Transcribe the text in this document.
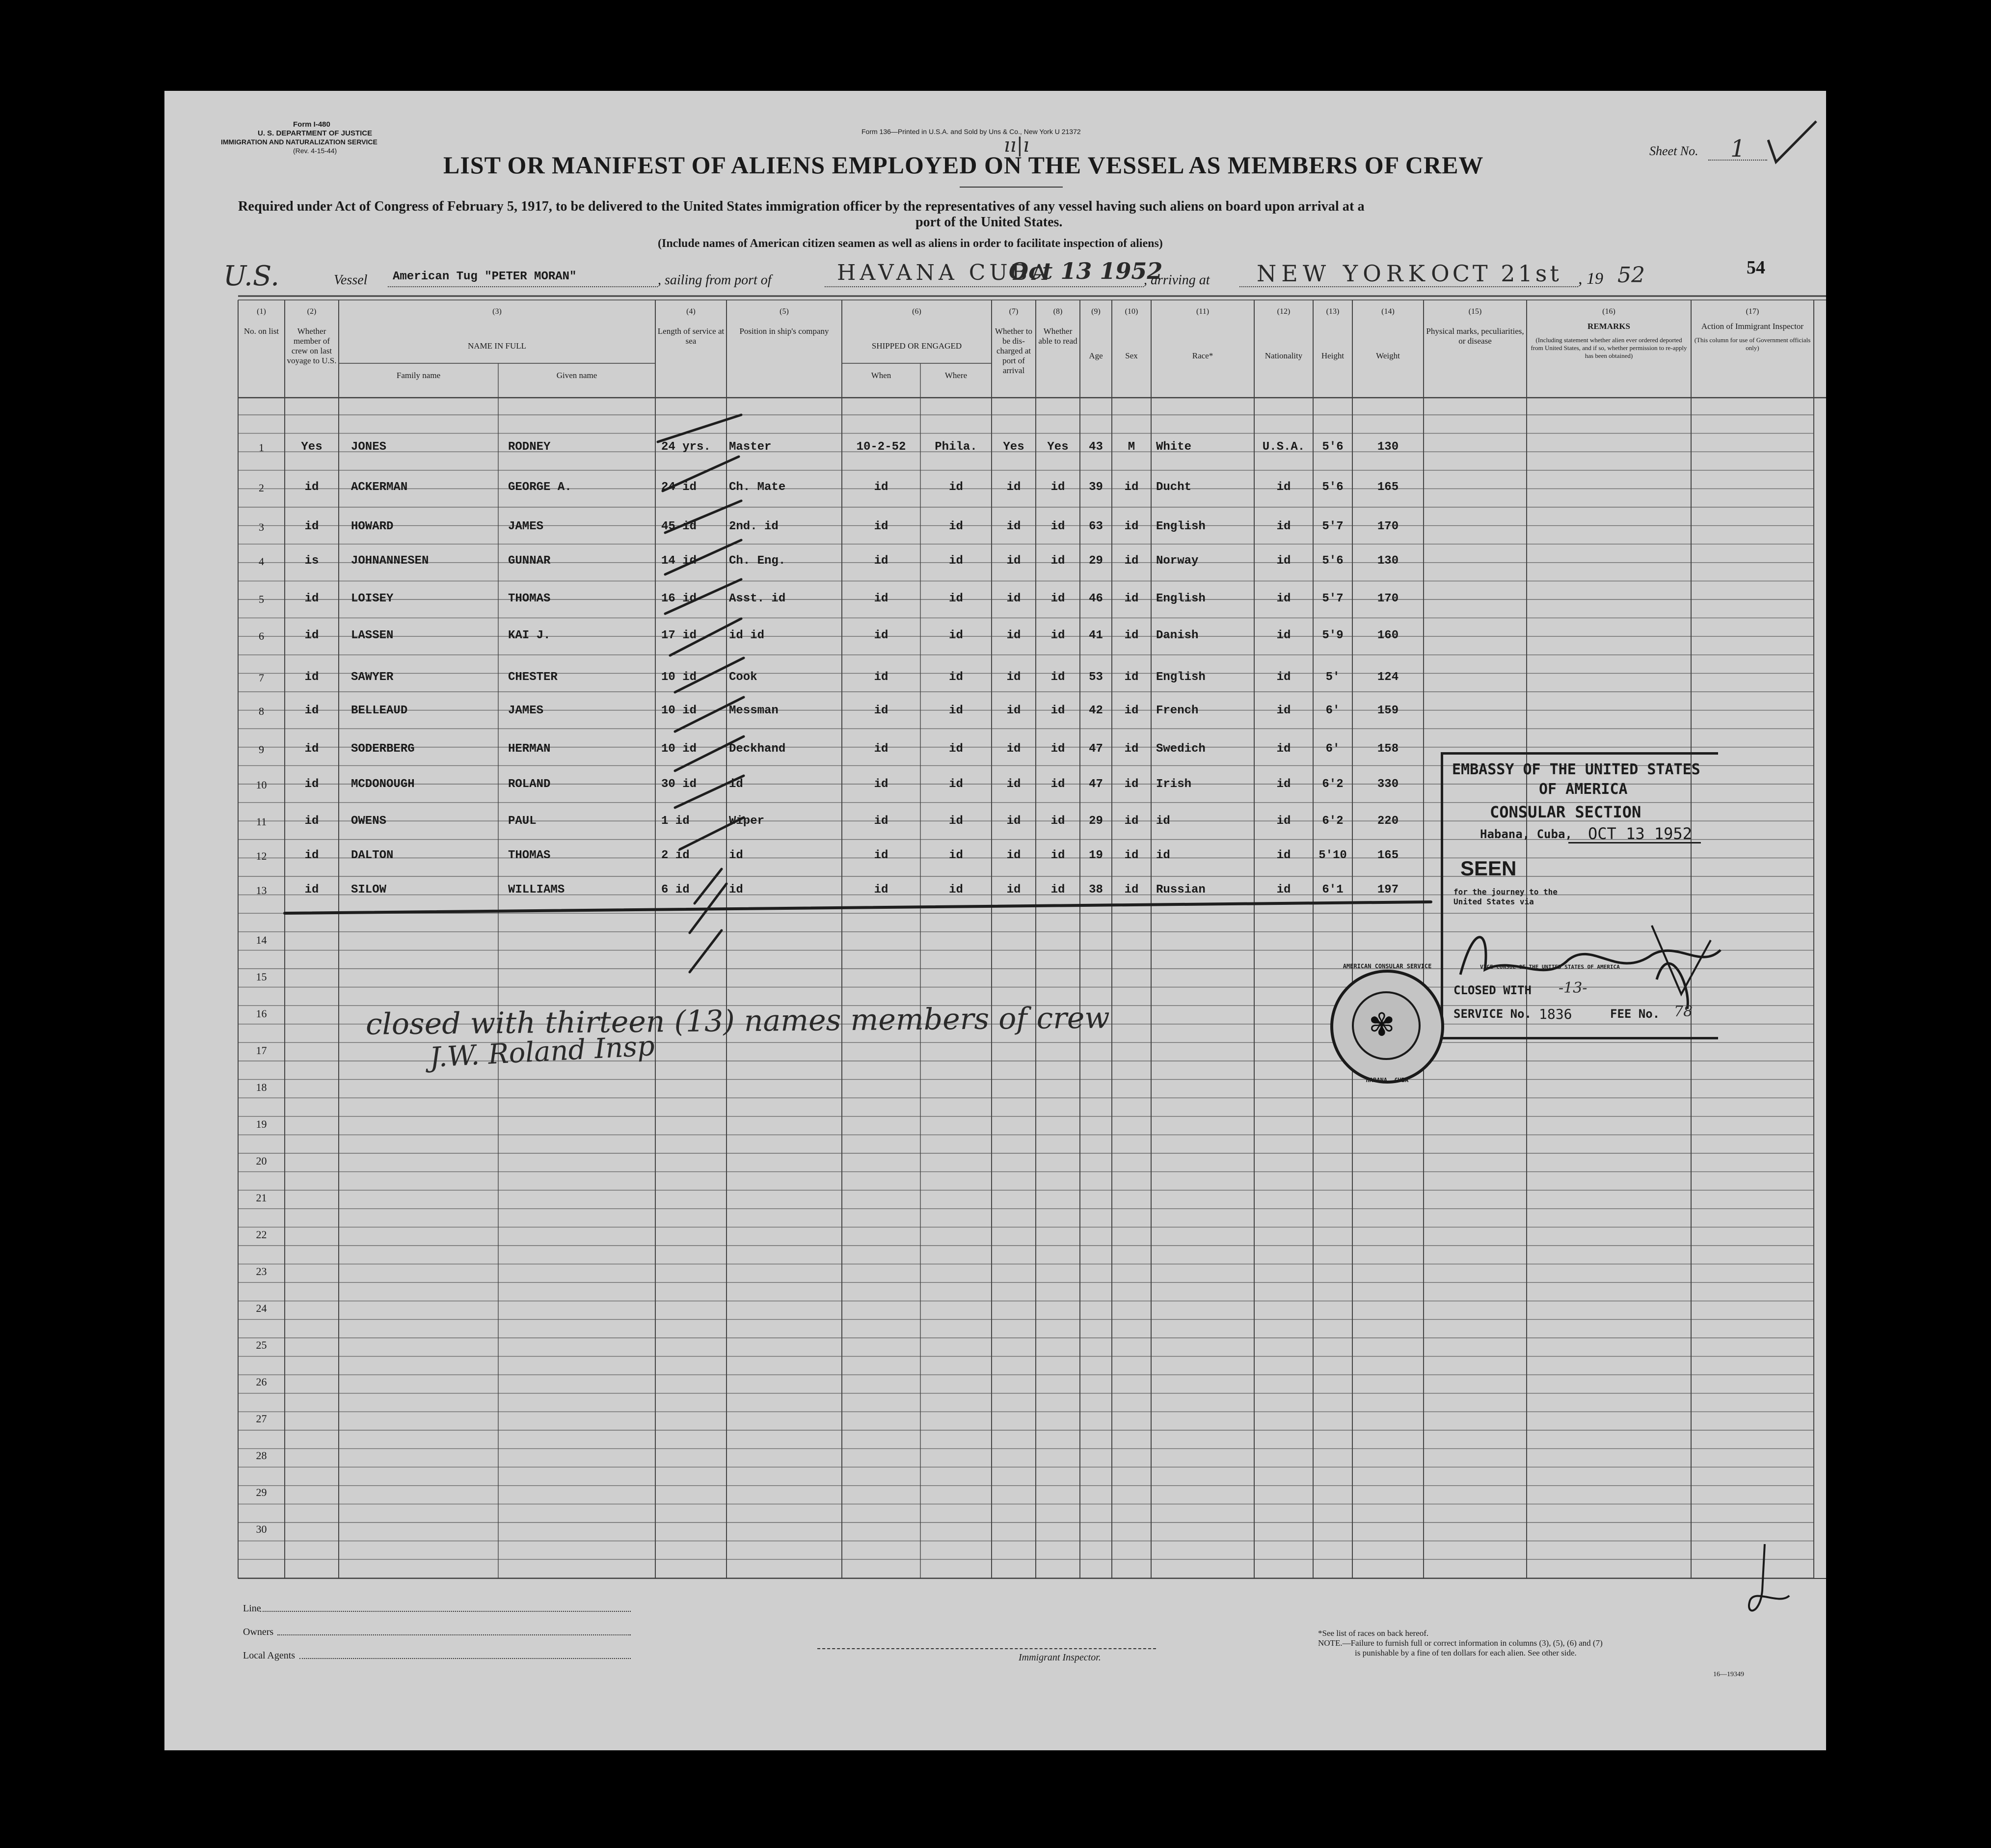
Form I-480
U. S. DEPARTMENT OF JUSTICE
IMMIGRATION AND NATURALIZATION SERVICE
(Rev. 4-15-44)
Form 136—Printed in U.S.A. and Sold by Uns & Co., New York U 21372
ıı|ı	Sheet No. 1
LIST OR MANIFEST OF ALIENS EMPLOYED ON THE VESSEL AS MEMBERS OF CREW
Required under Act of Congress of February 5, 1917, to be delivered to the United States immigration officer by the representatives of any vessel having such aliens on board upon arrival at a
port of the United States.
(Include names of American citizen seamen as well as aliens in order to facilitate inspection of aliens)
U.S.	Vessel American Tug "PETER MORAN"	, sailing from port of	HAVANA CUBA
Oct 13 1952
, arriving at NEW YORK OCT 21st , 19 52	54
(1)
No. on list
(2)
Whether member of crew on last voyage to U.S.
(3)
NAME IN FULL
Family name	Given name
(4)
Length of service at sea
(5)
Position in ship's company
(6)
SHIPPED OR ENGAGED
When	Where
(7)
Whether to be dis-charged at port of arrival
(8)
Whether able to read
(9)
Age
(10)
Sex
(11)
Race*
(12)
Nationality
(13)
Height
(14)
Weight
(15)
Physical marks, peculiarities, or disease
(16)
REMARKS
(Including statement whether alien ever ordered deported from United States, and if so, whether permission to re-apply has been obtained)
(17)
Action of Immigrant Inspector
(This column for use of Government officials only)
1	Yes	JONES	RODNEY	24 yrs. Master	10-2-52	Phila.	Yes	Yes	43	M	White	U.S.A.	5'6	130
2	id	ACKERMAN	GEORGE A.	24 id	Ch. Mate	id	id	id	id	39	id	Ducht	id	5'6	165
3	id	HOWARD	JAMES	45 id	2nd. id	id	id	id	id	63	id	English	id	5'7	170
4	is	JOHNANNESEN	GUNNAR	14 id	Ch. Eng.	id	id	id	id	29	id	Norway	id	5'6	130
5	id	LOISEY	THOMAS	16 id	Asst. id	id	id	id	id	46	id	English	id	5'7	170
6	id	LASSEN	KAI J.	17 id	id id	id	id	id	id	41	id	Danish	id	5'9	160
7	id	SAWYER	CHESTER	10 id	Cook	id	id	id	id	53	id	English	id	5'	124
8	id	BELLEAUD	JAMES	10 id	Messman	id	id	id	id	42	id	French	id	6'	159
9	id	SODERBERG	HERMAN	10 id	Deckhand	id	id	id	id	47	id	Swedich	id	6'	158
10	id	MCDONOUGH	ROLAND	30 id	id	id	id	id	id	47	id	Irish	id	6'2	330
11	id	OWENS	PAUL	1 id	Wiper	id	id	id	id	29	id	id	id	6'2	220
12	id	DALTON	THOMAS	2 id	id	id	id	id	id	19	id	id	id	5'10	165
13	id	SILOW	WILLIAMS	6 id	id	id	id	id	id	38	id	Russian	id	6'1	197
14
15
16
17
18
19
20
21
22
23
24
25
26
27
28
29
30
closed with thirteen (13) names members of crew
J.W. Roland Insp
EMBASSY OF THE UNITED STATES
OF AMERICA
CONSULAR SECTION
Habana, Cuba, OCT 13 1952
SEEN
for the journey to the
United States via
VICE CONSUL OF THE UNITED STATES OF AMERICA
CLOSED WITH -13-
SERVICE No. 1836	FEE No. 78
✾
AMERICAN CONSULAR SERVICE
HABANA, CUBA
Line
Owners
Local Agents	Immigrant Inspector.
*See list of races on back hereof.
NOTE.—Failure to furnish full or correct information in columns (3), (5), (6) and (7)
is punishable by a fine of ten dollars for each alien. See other side.
16—19349
